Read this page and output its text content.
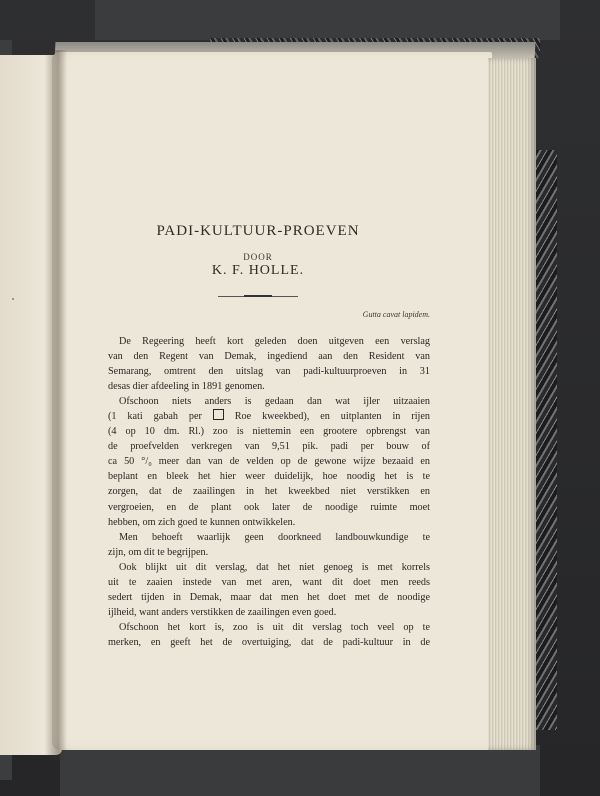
PADI-KULTUUR-PROEVEN
DOOR
K. F. HOLLE.
Gutta cavat lapidem.
De Regeering heeft kort geleden doen uitgeven een verslag
van den Regent van Demak, ingediend aan den Resident van
Semarang, omtrent den uitslag van padi-kultuurproeven in 31
desas dier afdeeling in 1891 genomen.
Ofschoon niets anders is gedaan dan wat ijler uitzaaien
(1 kati gabah per  Roe kweekbed), en uitplanten in rijen
(4 op 10 dm. Rl.) zoo is niettemin een grootere opbrengst van
de proefvelden verkregen van 9,51 pik. padi per bouw of
ca 50 °/₀ meer dan van de velden op de gewone wijze bezaaid en
beplant en bleek het hier weer duidelijk, hoe noodig het is te
zorgen, dat de zaailingen in het kweekbed niet verstikken en
vergroeien, en de plant ook later de noodige ruimte moet
hebben, om zich goed te kunnen ontwikkelen.
Men behoeft waarlijk geen doorkneed landbouwkundige te
zijn, om dit te begrijpen.
Ook blijkt uit dit verslag, dat het niet genoeg is met korrels
uit te zaaien instede van met aren, want dit doet men reeds
sedert tijden in Demak, maar dat men het doet met de noodige
ijlheid, want anders verstikken de zaailingen even goed.
Ofschoon het kort is, zoo is uit dit verslag toch veel op te
merken, en geeft het de overtuiging, dat de padi-kultuur in de
